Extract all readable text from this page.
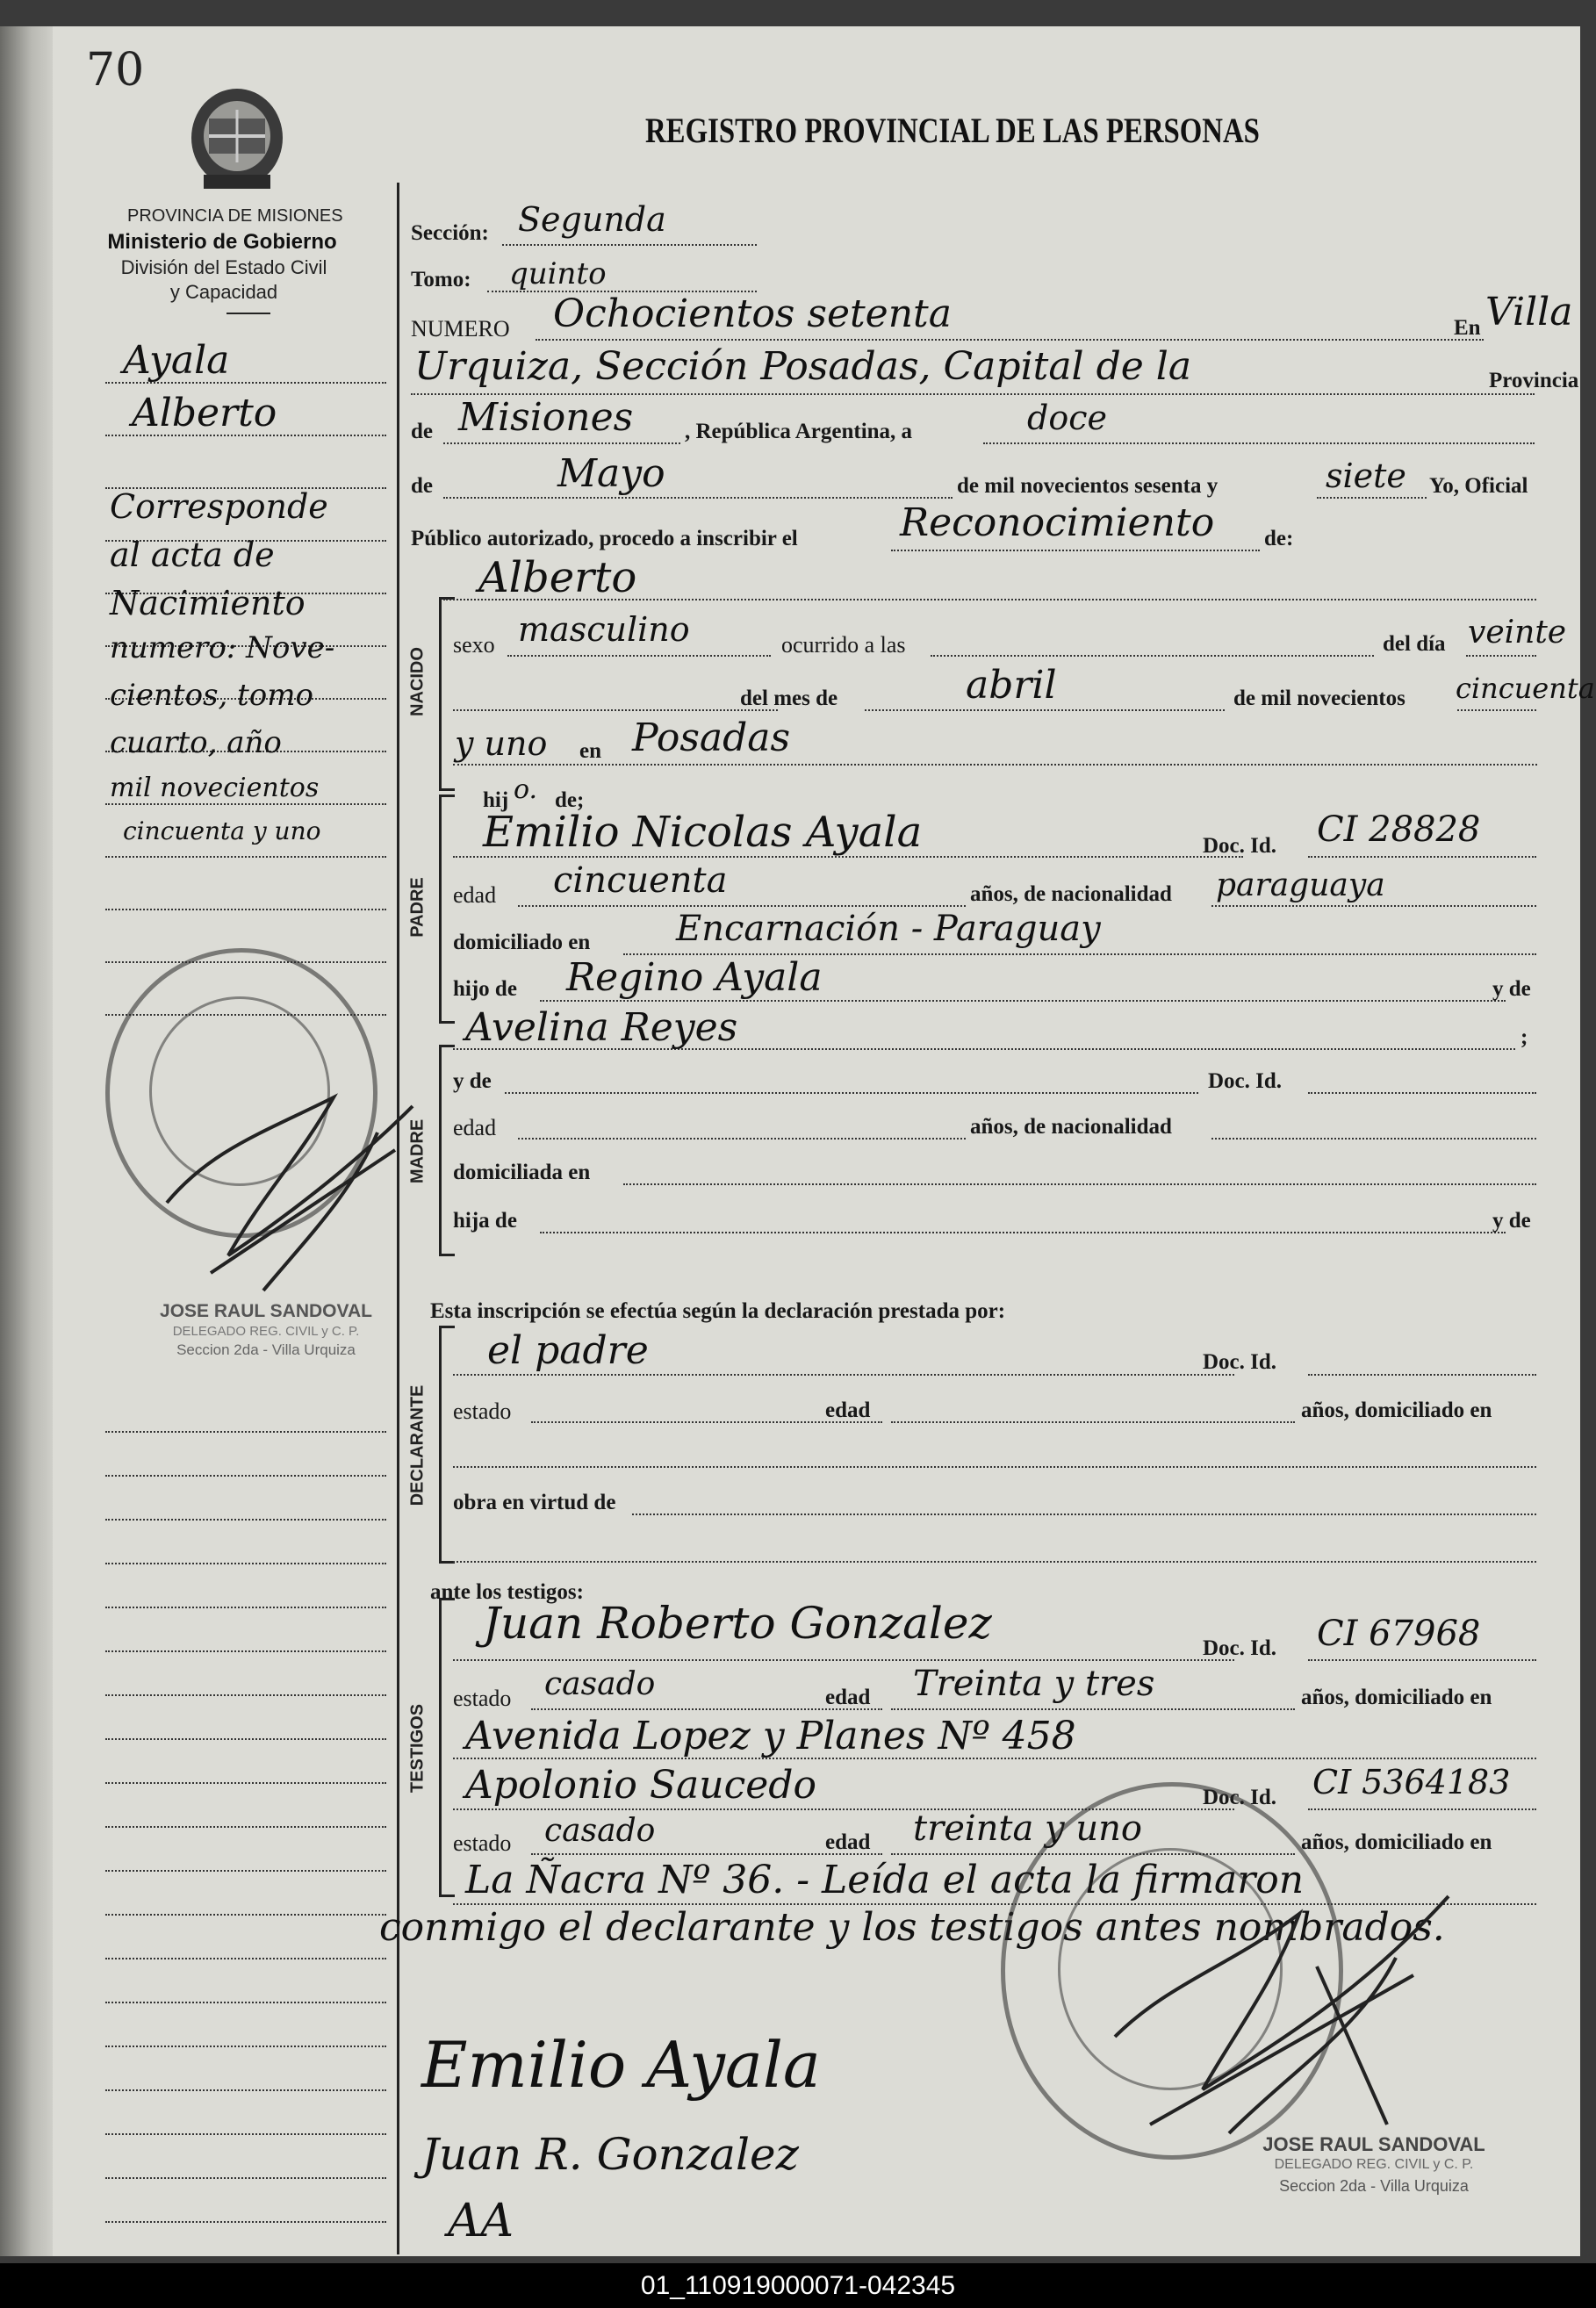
70
REGISTRO PROVINCIAL DE LAS PERSONAS
PROVINCIA DE MISIONES
Ministerio de Gobierno
División del Estado Civil
y Capacidad
Ayala
Alberto
Corresponde
al acta de
Nacimiento
numero: Nove-
cientos, tomo
cuarto, año
mil novecientos
cincuenta y uno
JOSE RAUL SANDOVAL
DELEGADO REG. CIVIL y C. P.
Seccion 2da - Villa Urquiza
NACIDO
PADRE
MADRE
DECLARANTE
TESTIGOS
Sección: Segunda
Tomo: quinto
NUMERO Ochocientos setenta	En Villa
Urquiza, Sección Posadas, Capital de la	Provincia
de Misiones , República Argentina, a	doce
de	Mayo	de mil novecientos sesenta y	siete Yo, Oficial
Público autorizado, procedo a inscribir el	Reconocimiento de:
Alberto
sexo masculino	ocurrido a las	del día veinte
del mes de	abril	de mil novecientos cincuenta
y uno en Posadas
hij o. de;
Emilio Nicolas Ayala	Doc. Id. CI 28828
edad cincuenta	años, de nacionalidad paraguaya
domiciliado en Encarnación - Paraguay
hijo de Regino Ayala	y de
Avelina Reyes	;
y de	Doc. Id.
edad	años, de nacionalidad
domiciliada en
hija de	y de
Esta inscripción se efectúa según la declaración prestada por:
el padre	Doc. Id.
estado	edad	años, domiciliado en
obra en virtud de
ante los testigos:
Juan Roberto Gonzalez	Doc. Id. CI 67968
estado casado	edad Treinta y tres	años, domiciliado en
Avenida Lopez y Planes Nº 458
Apolonio Saucedo	Doc. Id. CI 5364183
estado casado	edad treinta y uno	años, domiciliado en
La Ñacra Nº 36. - Leída el acta la firmaron
conmigo el declarante y los testigos antes nombrados.
Emilio Ayala
Juan R. Gonzalez
AA
JOSE RAUL SANDOVAL
DELEGADO REG. CIVIL y C. P.
Seccion 2da - Villa Urquiza
01_110919000071-042345
